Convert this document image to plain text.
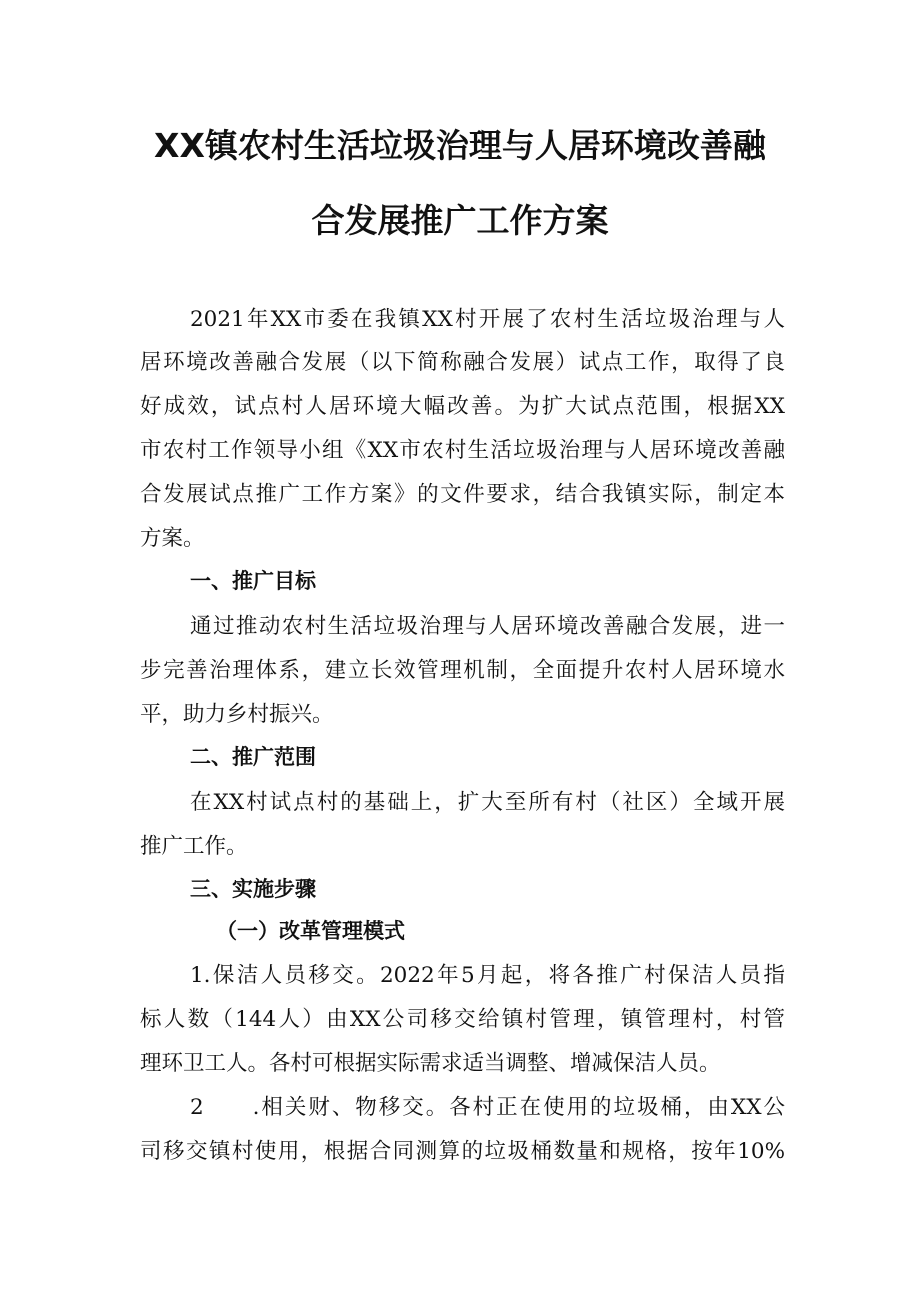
XX镇农村生活垃圾治理与人居环境改善融
合发展推广工作方案
2021年XX市委在我镇XX村开展了农村生活垃圾治理与人
居环境改善融合发展（以下简称融合发展）试点工作，取得了良
好成效，试点村人居环境大幅改善。为扩大试点范围，根据XX
市农村工作领导小组《XX市农村生活垃圾治理与人居环境改善融
合发展试点推广工作方案》的文件要求，结合我镇实际，制定本
方案。
一、推广目标
通过推动农村生活垃圾治理与人居环境改善融合发展，进一
步完善治理体系，建立长效管理机制，全面提升农村人居环境水
平，助力乡村振兴。
二、推广范围
在XX村试点村的基础上，扩大至所有村（社区）全域开展
推广工作。
三、实施步骤
（一）改革管理模式
1.保洁人员移交。2022年5月起，将各推广村保洁人员指
标人数（144人）由XX公司移交给镇村管理，镇管理村，村管
理环卫工人。各村可根据实际需求适当调整、增减保洁人员。
2　　.相关财、物移交。各村正在使用的垃圾桶，由XX公
司移交镇村使用，根据合同测算的垃圾桶数量和规格，按年10%
